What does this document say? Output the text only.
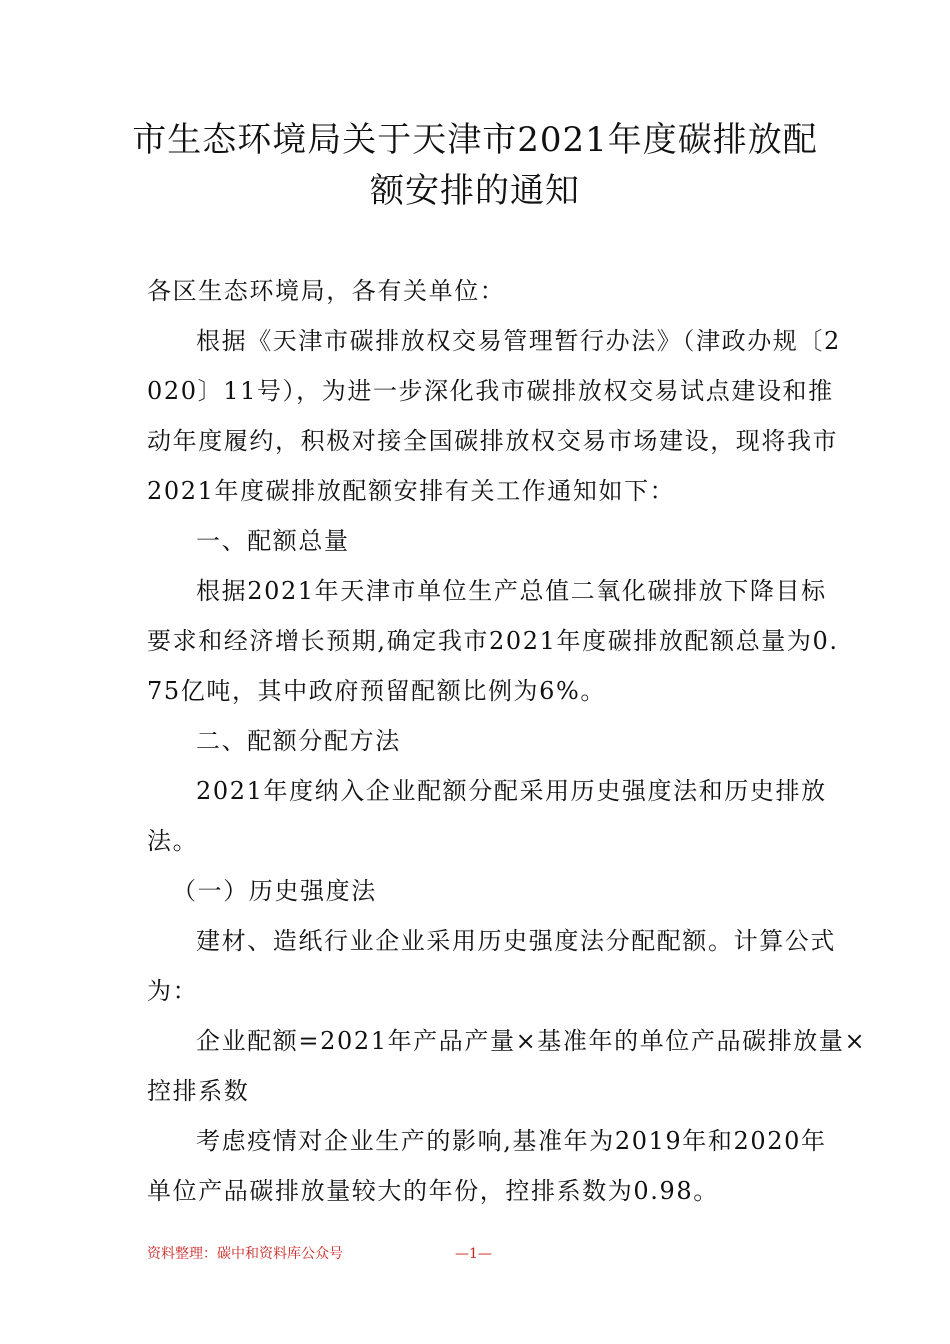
市生态环境局关于天津市2021年度碳排放配
额安排的通知
各区生态环境局，各有关单位：
根据《天津市碳排放权交易管理暂行办法》（津政办规〔2
020〕11号），为进一步深化我市碳排放权交易试点建设和推
动年度履约，积极对接全国碳排放权交易市场建设，现将我市
2021年度碳排放配额安排有关工作通知如下：
一、配额总量
根据2021年天津市单位生产总值二氧化碳排放下降目标
要求和经济增长预期,确定我市2021年度碳排放配额总量为0.
75亿吨，其中政府预留配额比例为6%。
二、配额分配方法
2021年度纳入企业配额分配采用历史强度法和历史排放
法。
（一）历史强度法
建材、造纸行业企业采用历史强度法分配配额。计算公式
为：
企业配额=2021年产品产量×基准年的单位产品碳排放量×
控排系数
考虑疫情对企业生产的影响,基准年为2019年和2020年
单位产品碳排放量较大的年份，控排系数为0.98。
资料整理：碳中和资料库公众号	—1—
